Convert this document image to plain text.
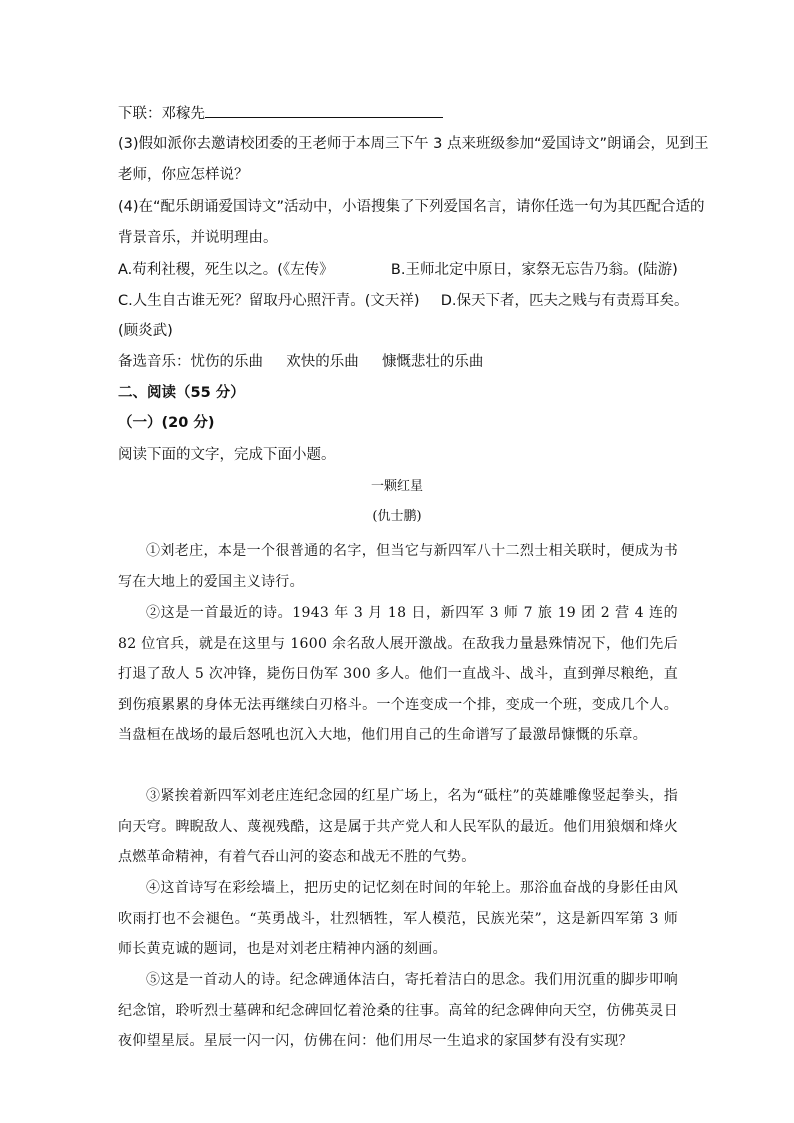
下联：邓稼先
(3)假如派你去邀请校团委的王老师于本周三下午 3 点来班级参加“爱国诗文”朗诵会，见到王
老师，你应怎样说？
(4)在“配乐朗诵爱国诗文”活动中，小语搜集了下列爱国名言，请你任选一句为其匹配合适的
背景音乐，并说明理由。
A.苟利社稷，死生以之。(《左传》	B.王师北定中原日，家祭无忘告乃翁。(陆游)
C.人生自古谁无死？留取丹心照汗青。(文天祥) D.保天下者，匹夫之贱与有责焉耳矣。
(顾炎武)
备选音乐：忧伤的乐曲 欢快的乐曲 慷慨悲壮的乐曲
二、阅读（55 分）
（一）(20 分)
阅读下面的文字，完成下面小题。
一颗红星
(仇士鹏)
①刘老庄，本是一个很普通的名字，但当它与新四军八十二烈士相关联时，便成为书写在大地上的爱国主义诗行。
②这是一首最近的诗。1943 年 3 月 18 日，新四军 3 师 7 旅 19 团 2 营 4 连的 82 位官兵，就是在这里与 1600 余名敌人展开激战。在敌我力量悬殊情况下，他们先后打退了敌人 5 次冲锋，毙伤日伪军 300 多人。他们一直战斗、战斗，直到弹尽粮绝，直到伤痕累累的身体无法再继续白刃格斗。一个连变成一个排，变成一个班，变成几个人。当盘桓在战场的最后怒吼也沉入大地，他们用自己的生命谱写了最激昂慷慨的乐章。
③紧挨着新四军刘老庄连纪念园的红星广场上，名为“砥柱”的英雄雕像竖起拳头，指向天穹。睥睨敌人、蔑视残酷，这是属于共产党人和人民军队的最近。他们用狼烟和烽火点燃革命精神，有着气吞山河的姿态和战无不胜的气势。
④这首诗写在彩绘墙上，把历史的记忆刻在时间的年轮上。那浴血奋战的身影任由风吹雨打也不会褪色。“英勇战斗，壮烈牺牲，军人模范，民族光荣”，这是新四军第 3 师师长黄克诚的题词，也是对刘老庄精神内涵的刻画。
⑤这是一首动人的诗。纪念碑通体洁白，寄托着洁白的思念。我们用沉重的脚步叩响纪念馆，聆听烈士墓碑和纪念碑回忆着沧桑的往事。高耸的纪念碑伸向天空，仿佛英灵日夜仰望星辰。星辰一闪一闪，仿佛在问：他们用尽一生追求的家国梦有没有实现？
